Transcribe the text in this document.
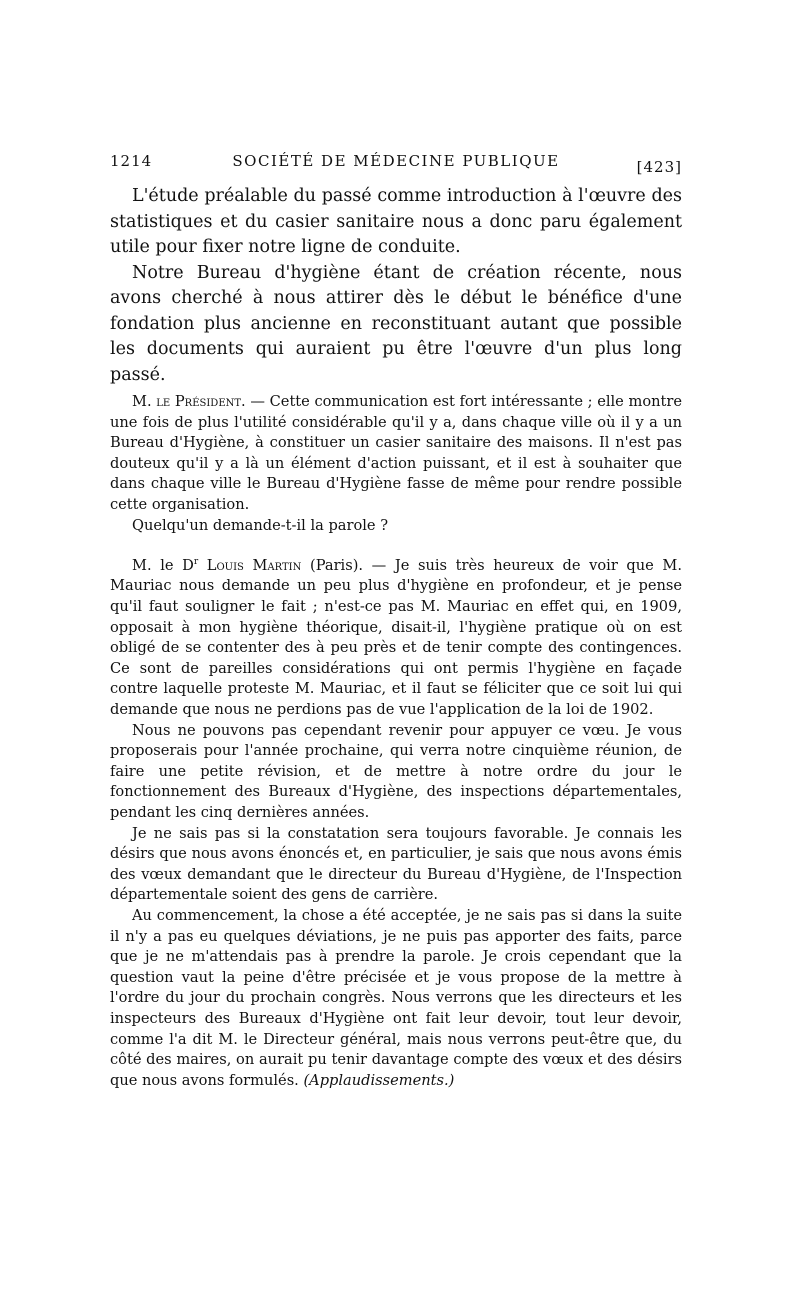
1214	SOCIÉTÉ DE MÉDECINE PUBLIQUE	[423]

L'étude préalable du passé comme introduction à l'œuvre des statistiques et du casier sanitaire nous a donc paru également utile pour fixer notre ligne de conduite.

Notre Bureau d'hygiène étant de création récente, nous avons cherché à nous attirer dès le début le bénéfice d'une fondation plus ancienne en reconstituant autant que possible les documents qui auraient pu être l'œuvre d'un plus long passé.

M. le Président. — Cette communication est fort intéressante ; elle montre une fois de plus l'utilité considérable qu'il y a, dans chaque ville où il y a un Bureau d'Hygiène, à constituer un casier sanitaire des maisons. Il n'est pas douteux qu'il y a là un élément d'action puissant, et il est à souhaiter que dans chaque ville le Bureau d'Hygiène fasse de même pour rendre possible cette organisation.

Quelqu'un demande-t-il la parole ?

M. le $D^r$ Louis Martin (Paris). — Je suis très heureux de voir que M. Mauriac nous demande un peu plus d'hygiène en profondeur, et je pense qu'il faut souligner le fait ; n'est-ce pas M. Mauriac en effet qui, en 1909, opposait à mon hygiène théorique, disait-il, l'hygiène pratique où on est obligé de se contenter des à peu près et de tenir compte des contingences. Ce sont de pareilles considérations qui ont permis l'hygiène en façade contre laquelle proteste M. Mauriac, et il faut se féliciter que ce soit lui qui demande que nous ne perdions pas de vue l'application de la loi de 1902.

Nous ne pouvons pas cependant revenir pour appuyer ce vœu. Je vous proposerais pour l'année prochaine, qui verra notre cinquième réunion, de faire une petite révision, et de mettre à notre ordre du jour le fonctionnement des Bureaux d'Hygiène, des inspections départementales, pendant les cinq dernières années.

Je ne sais pas si la constatation sera toujours favorable. Je connais les désirs que nous avons énoncés et, en particulier, je sais que nous avons émis des vœux demandant que le directeur du Bureau d'Hygiène, de l'Inspection départementale soient des gens de carrière.

Au commencement, la chose a été acceptée, je ne sais pas si dans la suite il n'y a pas eu quelques déviations, je ne puis pas apporter des faits, parce que je ne m'attendais pas à prendre la parole. Je crois cependant que la question vaut la peine d'être précisée et je vous propose de la mettre à l'ordre du jour du prochain congrès. Nous verrons que les directeurs et les inspecteurs des Bureaux d'Hygiène ont fait leur devoir, tout leur devoir, comme l'a dit M. le Directeur général, mais nous verrons peut-être que, du côté des maires, on aurait pu tenir davantage compte des vœux et des désirs que nous avons formulés. (Applaudissements.)
